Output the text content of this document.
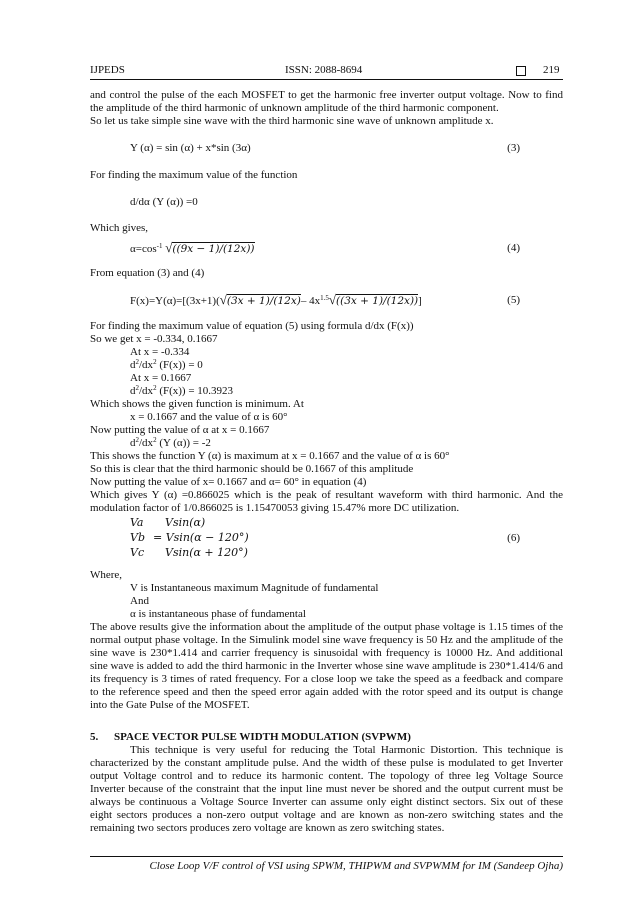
IJPEDS	ISSN: 2088-8694	219
and control the pulse of the each MOSFET to get the harmonic free inverter output voltage. Now to find the amplitude of the third harmonic of unknown amplitude of the third harmonic component.
So let us take simple sine wave with the third harmonic sine wave of unknown amplitude x.
Y (α) = sin (α) + x*sin (3α)	(3)
For finding the maximum value of the function
d/dα (Y (α)) =0
Which gives,
$\alpha=\cos^{-1}$ √((9x − 1)/(12x))	(4)
From equation (3) and (4)
F(x)=Y(α)=[(3x+1)(√(3x + 1)/(12x)– $4x^{1.5}√((3x + 1)/(12x))$]	(5)
For finding the maximum value of equation (5) using formula d/dx (F(x))
So we get x = -0.334, 0.1667
At x = -0.334
$d^2/dx^2$ (F(x)) = 0
At x = 0.1667
$d^2/dx^2$ (F(x)) = 10.3923
Which shows the given function is minimum. At
x = 0.1667 and the value of α is 60°
Now putting the value of α at x = 0.1667
$d^2/dx^2$ (Y (α)) = -2
This shows the function Y (α) is maximum at x = 0.1667 and the value of α is 60°
So this is clear that the third harmonic should be 0.1667 of this amplitude
Now putting the value of x= 0.1667 and α= 60° in equation (4)
Which gives Y (α) =0.866025 which is the peak of resultant waveform with third harmonic. And the modulation factor of 1/0.866025 is 1.15470053 giving 15.47% more DC utilization.
Va Vsin(α)
Vb = Vsin(α − 120°)
Vc Vsin(α + 120°)
(6)
Where,
V is Instantaneous maximum Magnitude of fundamental
And
α is instantaneous phase of fundamental
The above results give the information about the amplitude of the output phase voltage is 1.15 times of the normal output phase voltage. In the Simulink model sine wave frequency is 50 Hz and the amplitude of the sine wave is 230*1.414 and carrier frequency is sinusoidal with frequency is 10000 Hz. And additional sine wave is added to add the third harmonic in the Inverter whose sine wave amplitude is 230*1.414/6 and its frequency is 3 times of rated frequency. For a close loop we take the speed as a feedback and compare to the reference speed and then the speed error again added with the rotor speed and its output is change into the Gate Pulse of the MOSFET.
5. SPACE VECTOR PULSE WIDTH MODULATION (SVPWM)
This technique is very useful for reducing the Total Harmonic Distortion. This technique is characterized by the constant amplitude pulse. And the width of these pulse is modulated to get Inverter output Voltage control and to reduce its harmonic content. The topology of three leg Voltage Source Inverter because of the constraint that the input line must never be shored and the output current must be always be continuous a Voltage Source Inverter can assume only eight distinct sectors. Six out of these eight sectors produces a non-zero output voltage and are known as non-zero switching states and the remaining two sectors produces zero voltage are known as zero switching states.
Close Loop V/F control of VSI using SPWM, THIPWM and SVPWMM for IM (Sandeep Ojha)
